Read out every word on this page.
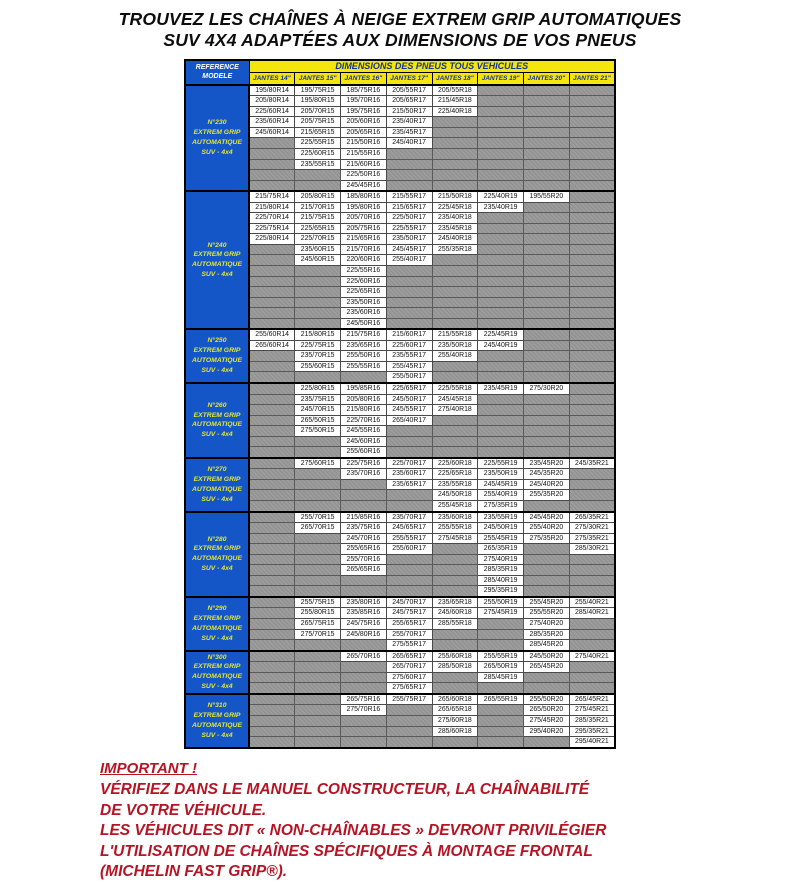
TROUVEZ LES CHAÎNES À NEIGE EXTREM GRIP AUTOMATIQUES
SUV 4X4 ADAPTÉES AUX DIMENSIONS DE VOS PNEUS
REFERENCE
MODELE	DIMENSIONS DES PNEUS TOUS VEHICULES							
	JANTES 14"	JANTES 15"	JANTES 16"	JANTES 17"	JANTES 18"	JANTES 19"	JANTES 20"	JANTES 21"

N°230
EXTREM GRIP
AUTOMATIQUE
SUV - 4x4	195/80R14	195/75R15	185/75R16	205/55R17	205/55R18			
	205/80R14	195/80R15	195/70R16	205/65R17	215/45R18			
	225/60R14	205/70R15	195/75R16	215/50R17	225/40R18			
	235/60R14	205/75R15	205/60R16	235/40R17				
	245/60R14	215/65R15	205/65R16	235/45R17				
		225/55R15	215/50R16	245/40R17				
		225/60R15	215/55R16					
		235/55R15	215/60R16					
			225/50R16					
			245/45R16					

N°240
EXTREM GRIP
AUTOMATIQUE
SUV - 4x4	215/75R14	205/80R15	185/80R16	215/55R17	215/50R18	225/40R19	195/55R20	
	215/80R14	215/70R15	195/80R16	215/65R17	225/45R18	235/40R19		
	225/70R14	215/75R15	205/70R16	225/50R17	235/40R18			
	225/75R14	225/65R15	205/75R16	225/55R17	235/45R18			
	225/80R14	225/70R15	215/65R16	235/50R17	245/40R18			
		235/60R15	215/70R16	245/45R17	255/35R18			
		245/60R15	220/60R16	255/40R17				
			225/55R16					
			225/60R16					
			225/65R16					
			235/50R16					
			235/60R16					
			245/50R16					

N°250
EXTREM GRIP
AUTOMATIQUE
SUV - 4x4	255/60R14	215/80R15	215/75R16	215/60R17	215/55R18	225/45R19		
	265/60R14	225/75R15	235/65R16	225/60R17	235/50R18	245/40R19		
		235/70R15	255/50R16	235/55R17	255/40R18			
		255/60R15	255/55R16	255/45R17				
				255/50R17				

N°260
EXTREM GRIP
AUTOMATIQUE
SUV - 4x4		225/80R15	195/85R16	225/65R17	225/55R18	235/45R19	275/30R20	
		235/75R15	205/80R16	245/50R17	245/45R18			
		245/70R15	215/80R16	245/55R17	275/40R18			
		265/50R15	225/70R16	265/40R17				
		275/50R15	245/55R16					
			245/60R16					
			255/60R16					

N°270
EXTREM GRIP
AUTOMATIQUE
SUV - 4x4		275/60R15	225/75R16	225/70R17	225/60R18	225/55R19	235/45R20	245/35R21
			235/70R16	235/60R17	225/65R18	235/50R19	245/35R20	
				235/65R17	235/55R18	245/45R19	245/40R20	
					245/50R18	255/40R19	255/35R20	
					255/45R18	275/35R19		

N°280
EXTREM GRIP
AUTOMATIQUE
SUV - 4x4		255/70R15	215/85R16	235/70R17	235/60R18	235/55R19	245/45R20	265/35R21
		265/70R15	235/75R16	245/65R17	255/55R18	245/50R19	255/40R20	275/30R21
			245/70R16	255/55R17	275/45R18	255/45R19	275/35R20	275/35R21
			255/65R16	255/60R17		265/35R19		285/30R21
			255/70R16			275/40R19		
			265/65R16			285/35R19		
						285/40R19		
						295/35R19		

N°290
EXTREM GRIP
AUTOMATIQUE
SUV - 4x4		255/75R15	235/80R16	245/70R17	235/65R18	255/50R19	255/45R20	255/40R21
		255/80R15	235/85R16	245/75R17	245/60R18	275/45R19	255/55R20	285/40R21
		265/75R15	245/75R16	255/65R17	285/55R18		275/40R20	
		275/70R15	245/80R16	255/70R17			285/35R20	
				275/55R17			285/45R20	

N°300
EXTREM GRIP
AUTOMATIQUE
SUV - 4x4			265/70R16	265/65R17	255/60R18	255/55R19	245/50R20	275/40R21
				265/70R17	285/50R18	265/50R19	265/45R20	
				275/60R17		285/45R19		
				275/65R17				

N°310
EXTREM GRIP
AUTOMATIQUE
SUV - 4x4			265/75R16	255/75R17	265/60R18	265/55R19	255/50R20	265/45R21
			275/70R16		265/65R18		265/50R20	275/45R21
					275/60R18		275/45R20	285/35R21
					285/60R18		295/40R20	295/35R21
								295/40R21
IMPORTANT !
VÉRIFIEZ DANS LE MANUEL CONSTRUCTEUR, LA CHAÎNABILITÉ
DE VOTRE VÉHICULE.
LES VÉHICULES DIT « NON-CHAÎNABLES » DEVRONT PRIVILÉGIER
L'UTILISATION DE CHAÎNES SPÉCIFIQUES À MONTAGE FRONTAL
(MICHELIN FAST GRIP®).
